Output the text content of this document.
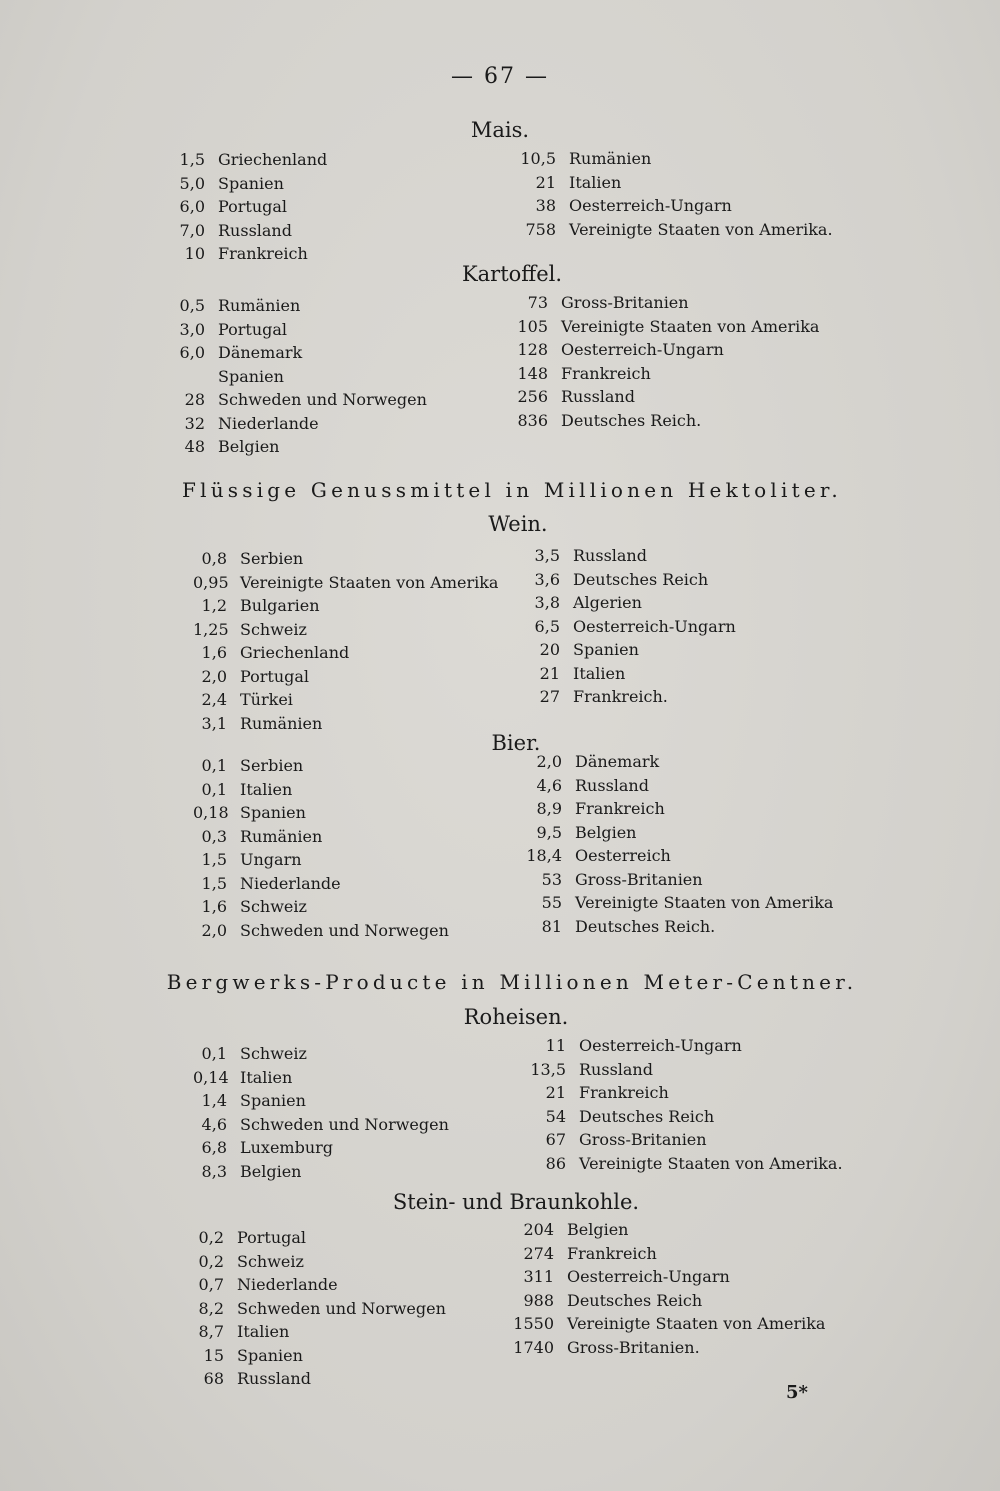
— 67 —
Mais.
1,5 Griechenland
5,0 Spanien
6,0 Portugal
7,0 Russland
10 Frankreich
10,5 Rumänien
21 Italien
38 Oesterreich-Ungarn
758 Vereinigte Staaten von Amerika.
Kartoffel.
0,5 Rumänien
3,0 Portugal
6,0 Dänemark
Spanien
28 Schweden und Norwegen
32 Niederlande
48 Belgien
73 Gross-Britanien
105 Vereinigte Staaten von Amerika
128 Oesterreich-Ungarn
148 Frankreich
256 Russland
836 Deutsches Reich.
Flüssige Genussmittel in Millionen Hektoliter.
Wein.
0,8 Serbien
0,95 Vereinigte Staaten von Amerika
1,2 Bulgarien
1,25 Schweiz
1,6 Griechenland
2,0 Portugal
2,4 Türkei
3,1 Rumänien
3,5 Russland
3,6 Deutsches Reich
3,8 Algerien
6,5 Oesterreich-Ungarn
20 Spanien
21 Italien
27 Frankreich.
Bier.
0,1 Serbien
0,1 Italien
0,18 Spanien
0,3 Rumänien
1,5 Ungarn
1,5 Niederlande
1,6 Schweiz
2,0 Schweden und Norwegen
2,0 Dänemark
4,6 Russland
8,9 Frankreich
9,5 Belgien
18,4 Oesterreich
53 Gross-Britanien
55 Vereinigte Staaten von Amerika
81 Deutsches Reich.
Bergwerks-Producte in Millionen Meter-Centner.
Roheisen.
0,1 Schweiz
0,14 Italien
1,4 Spanien
4,6 Schweden und Norwegen
6,8 Luxemburg
8,3 Belgien
11 Oesterreich-Ungarn
13,5 Russland
21 Frankreich
54 Deutsches Reich
67 Gross-Britanien
86 Vereinigte Staaten von Amerika.
Stein- und Braunkohle.
0,2 Portugal
0,2 Schweiz
0,7 Niederlande
8,2 Schweden und Norwegen
8,7 Italien
15 Spanien
68 Russland
204 Belgien
274 Frankreich
311 Oesterreich-Ungarn
988 Deutsches Reich
1550 Vereinigte Staaten von Amerika
1740 Gross-Britanien.
5*
